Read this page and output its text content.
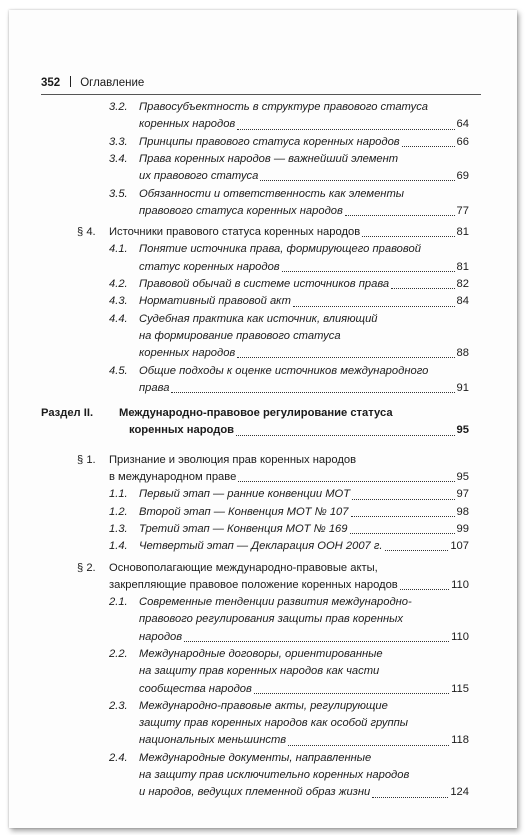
352 Оглавление
3.2. Правосубъектность в структуре правового статуса
коренных народов	64
3.3. Принципы правового статуса коренных народов	66
3.4. Права коренных народов — важнейший элемент
их правового статуса	69
3.5. Обязанности и ответственность как элементы
правового статуса коренных народов	77
§ 4. Источники правового статуса коренных народов	81
4.1. Понятие источника права, формирующего правовой
статус коренных народов	81
4.2. Правовой обычай в системе источников права	82
4.3. Нормативный правовой акт	84
4.4. Судебная практика как источник, влияющий
на формирование правового статуса
коренных народов	88
4.5. Общие подходы к оценке источников международного
права	91
Раздел II. Международно-правовое регулирование статуса
коренных народов	95
§ 1. Признание и эволюция прав коренных народов
в международном праве	95
1.1. Первый этап — ранние конвенции МОТ	97
1.2. Второй этап — Конвенция МОТ № 107	98
1.3. Третий этап — Конвенция МОТ № 169	99
1.4. Четвертый этап — Декларация ООН 2007 г.	107
§ 2. Основополагающие международно-правовые акты,
закрепляющие правовое положение коренных народов	110
2.1. Современные тенденции развития международно-
правового регулирования защиты прав коренных
народов	110
2.2. Международные договоры, ориентированные
на защиту прав коренных народов как части
сообщества народов	115
2.3. Международно-правовые акты, регулирующие
защиту прав коренных народов как особой группы
национальных меньшинств	118
2.4. Международные документы, направленные
на защиту прав исключительно коренных народов
и народов, ведущих племенной образ жизни	124
